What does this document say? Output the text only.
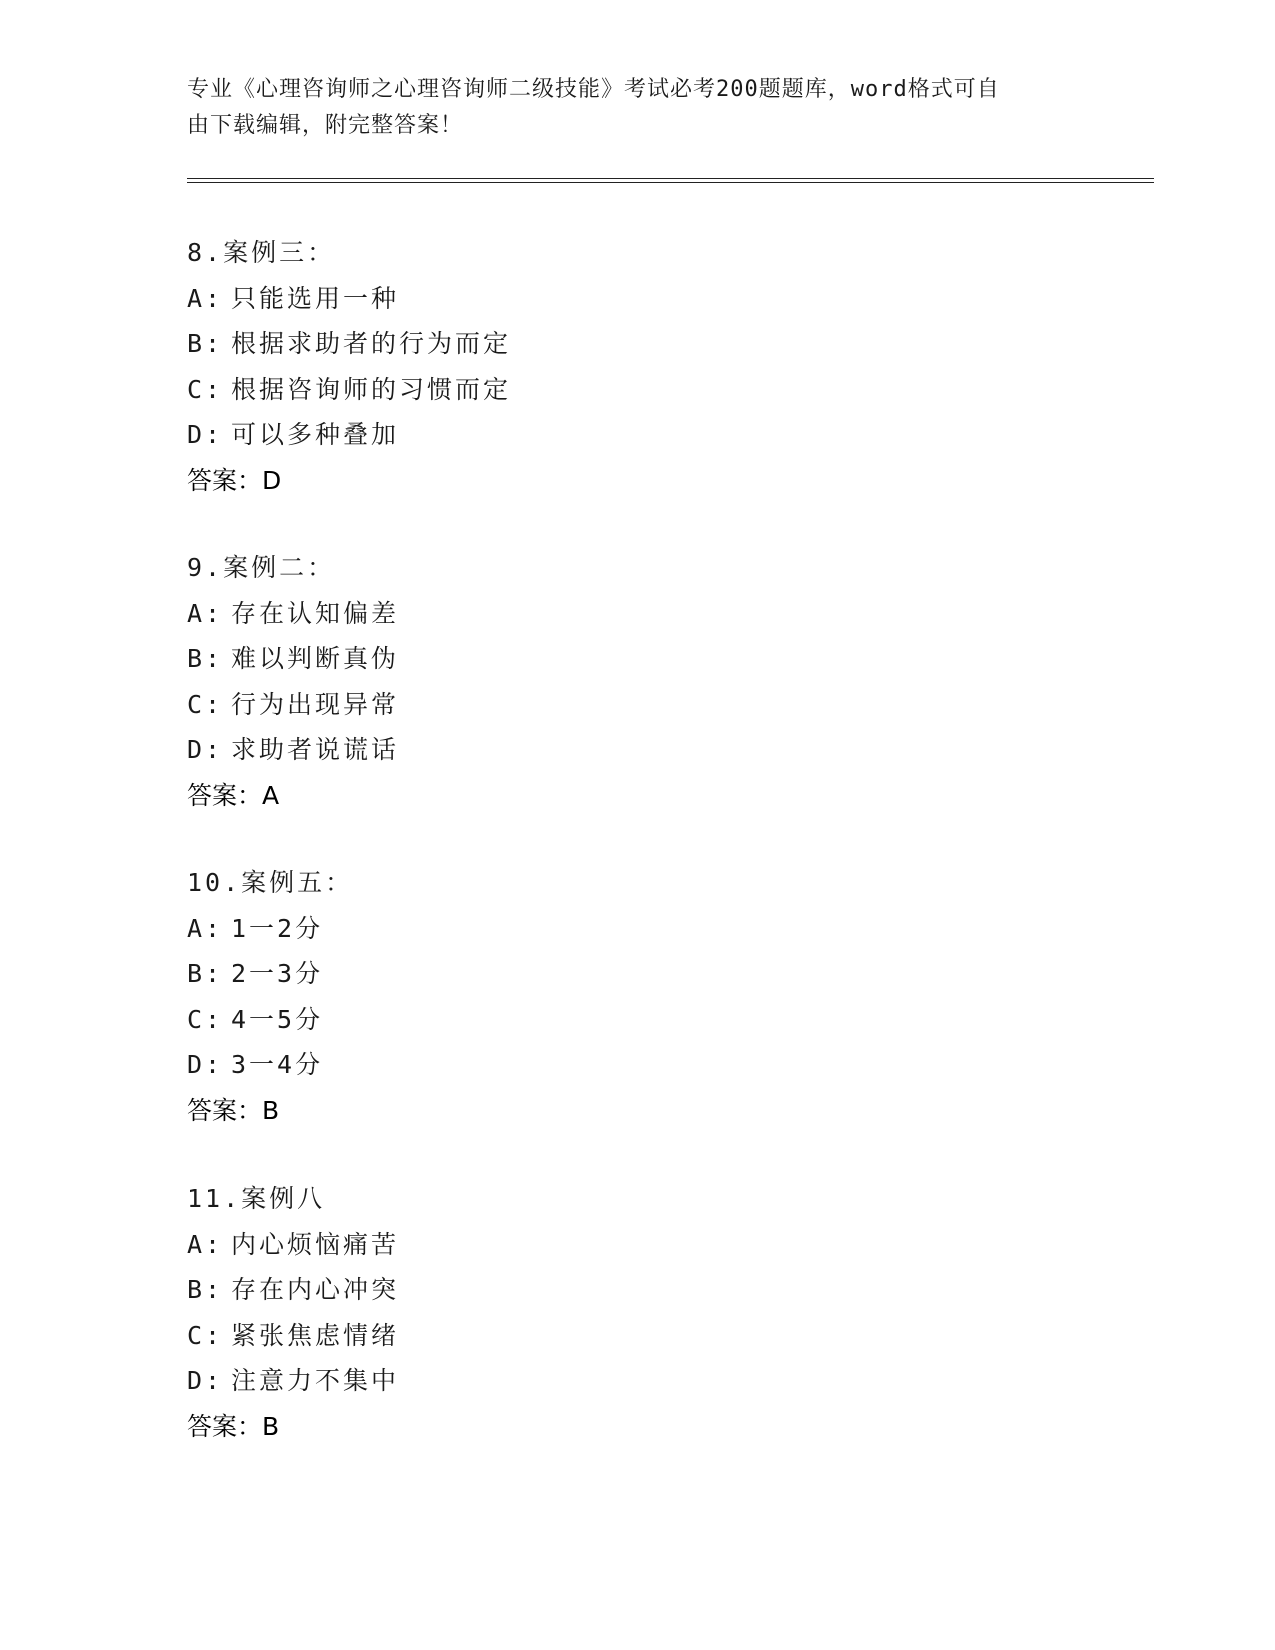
专业《心理咨询师之心理咨询师二级技能》考试必考200题题库，word格式可自
由下载编辑，附完整答案！
8.案例三：
A: 只能选用一种
B: 根据求助者的行为而定
C: 根据咨询师的习惯而定
D: 可以多种叠加
答案：D
9.案例二：
A: 存在认知偏差
B: 难以判断真伪
C: 行为出现异常
D: 求助者说谎话
答案：A
10.案例五：
A: 1一2分
B: 2一3分
C: 4一5分
D: 3一4分
答案：B
11.案例八
A: 内心烦恼痛苦
B: 存在内心冲突
C: 紧张焦虑情绪
D: 注意力不集中
答案：B
